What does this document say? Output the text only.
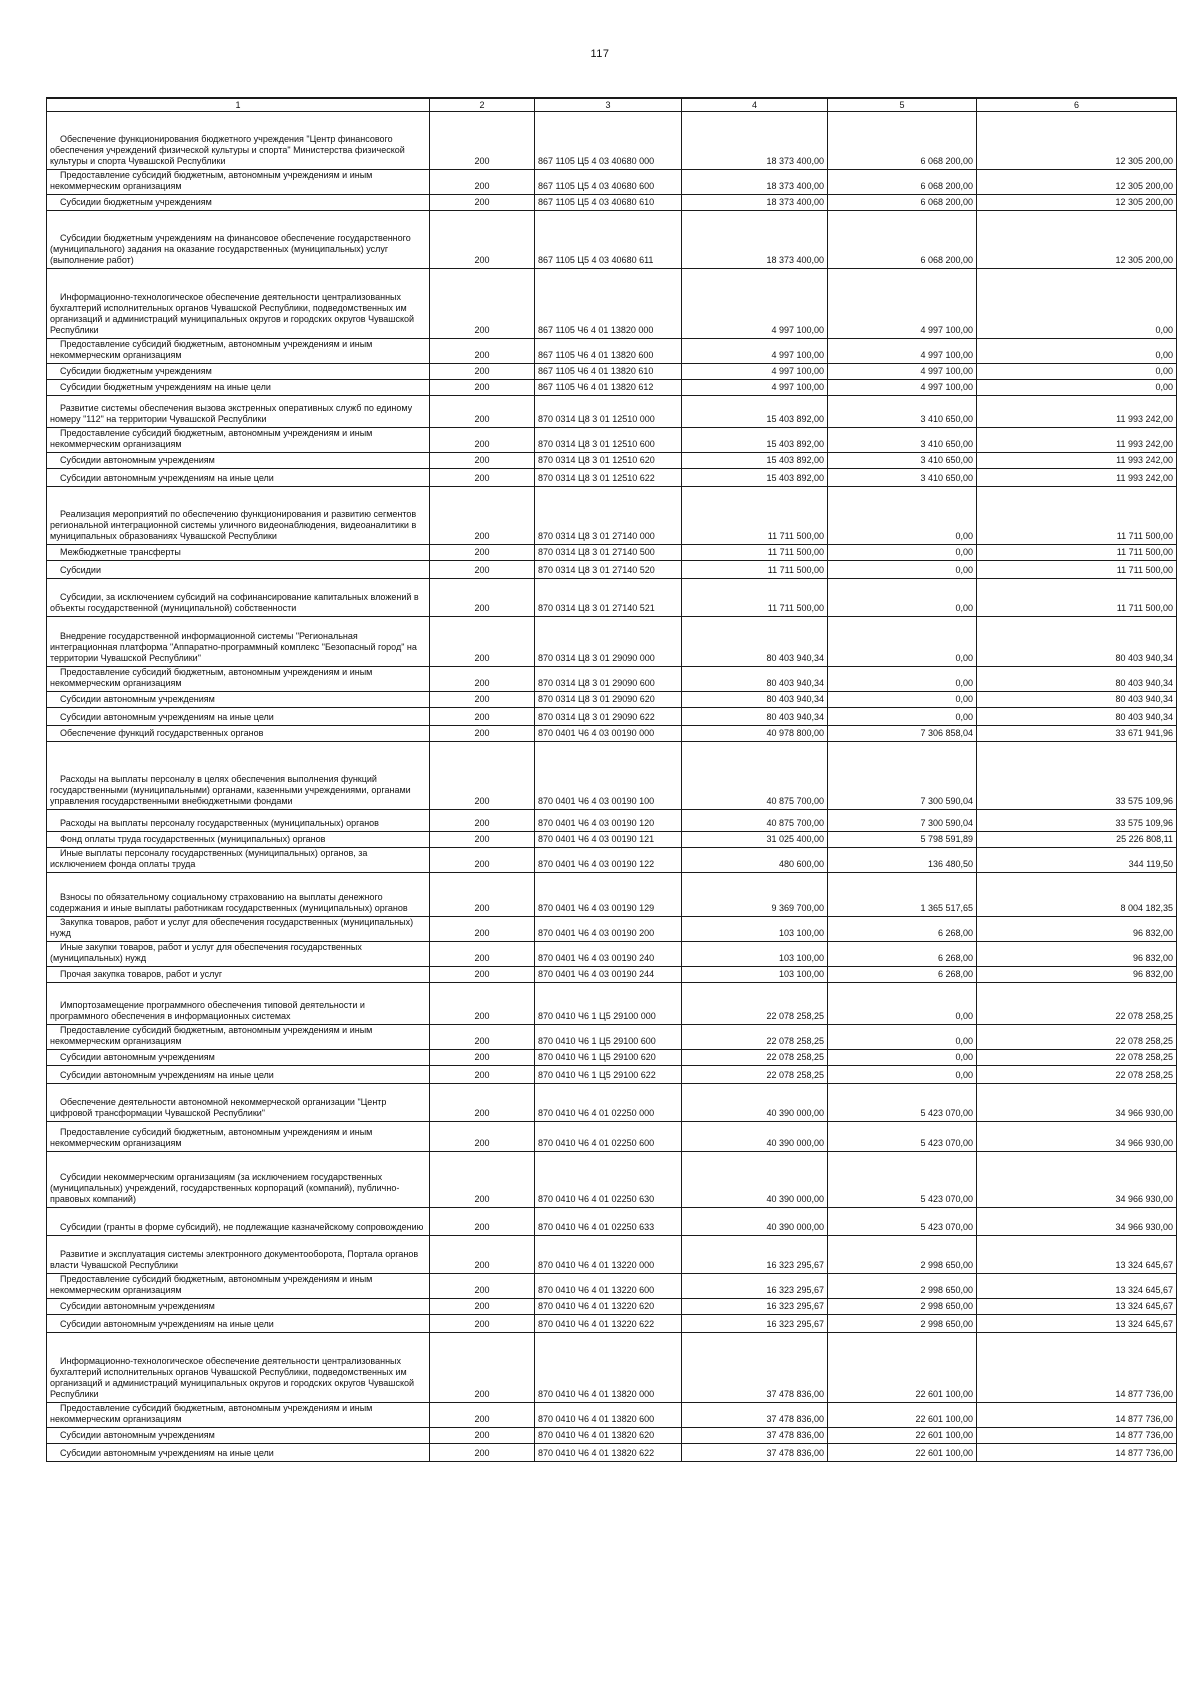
117
1	2	3	4	5	6

Обеспечение функционирования бюджетного учреждения "Центр финансового обеспечения учреждений физической культуры и спорта" Министерства физической культуры и спорта Чувашской Республики	200	867 1105 Ц5 4 03 40680 000	18 373 400,00	6 068 200,00	12 305 200,00

Предоставление субсидий бюджетным, автономным учреждениям и иным некоммерческим организациям	200	867 1105 Ц5 4 03 40680 600	18 373 400,00	6 068 200,00	12 305 200,00

Субсидии бюджетным учреждениям	200	867 1105 Ц5 4 03 40680 610	18 373 400,00	6 068 200,00	12 305 200,00

Субсидии бюджетным учреждениям на финансовое обеспечение государственного (муниципального) задания на оказание государственных (муниципальных) услуг (выполнение работ)	200	867 1105 Ц5 4 03 40680 611	18 373 400,00	6 068 200,00	12 305 200,00

Информационно-технологическое обеспечение деятельности централизованных бухгалтерий исполнительных органов Чувашской Республики, подведомственных им организаций и администраций муниципальных округов и городских округов Чувашской Республики	200	867 1105 Ч6 4 01 13820 000	4 997 100,00	4 997 100,00	0,00

Предоставление субсидий бюджетным, автономным учреждениям и иным некоммерческим организациям	200	867 1105 Ч6 4 01 13820 600	4 997 100,00	4 997 100,00	0,00

Субсидии бюджетным учреждениям	200	867 1105 Ч6 4 01 13820 610	4 997 100,00	4 997 100,00	0,00

Субсидии бюджетным учреждениям на иные цели	200	867 1105 Ч6 4 01 13820 612	4 997 100,00	4 997 100,00	0,00

Развитие системы обеспечения вызова экстренных оперативных служб по единому номеру "112" на территории Чувашской Республики	200	870 0314 Ц8 3 01 12510 000	15 403 892,00	3 410 650,00	11 993 242,00

Предоставление субсидий бюджетным, автономным учреждениям и иным некоммерческим организациям	200	870 0314 Ц8 3 01 12510 600	15 403 892,00	3 410 650,00	11 993 242,00

Субсидии автономным учреждениям	200	870 0314 Ц8 3 01 12510 620	15 403 892,00	3 410 650,00	11 993 242,00

Субсидии автономным учреждениям на иные цели	200	870 0314 Ц8 3 01 12510 622	15 403 892,00	3 410 650,00	11 993 242,00

Реализация мероприятий по обеспечению функционирования и развитию сегментов региональной интеграционной системы уличного видеонаблюдения, видеоаналитики в муниципальных образованиях Чувашской Республики	200	870 0314 Ц8 3 01 27140 000	11 711 500,00	0,00	11 711 500,00

Межбюджетные трансферты	200	870 0314 Ц8 3 01 27140 500	11 711 500,00	0,00	11 711 500,00

Субсидии	200	870 0314 Ц8 3 01 27140 520	11 711 500,00	0,00	11 711 500,00

Субсидии, за исключением субсидий на софинансирование капитальных вложений в объекты государственной (муниципальной) собственности	200	870 0314 Ц8 3 01 27140 521	11 711 500,00	0,00	11 711 500,00

Внедрение государственной информационной системы "Региональная интеграционная платформа "Аппаратно-программный комплекс "Безопасный город" на территории Чувашской Республики"	200	870 0314 Ц8 3 01 29090 000	80 403 940,34	0,00	80 403 940,34

Предоставление субсидий бюджетным, автономным учреждениям и иным некоммерческим организациям	200	870 0314 Ц8 3 01 29090 600	80 403 940,34	0,00	80 403 940,34

Субсидии автономным учреждениям	200	870 0314 Ц8 3 01 29090 620	80 403 940,34	0,00	80 403 940,34

Субсидии автономным учреждениям на иные цели	200	870 0314 Ц8 3 01 29090 622	80 403 940,34	0,00	80 403 940,34

Обеспечение функций государственных органов	200	870 0401 Ч6 4 03 00190 000	40 978 800,00	7 306 858,04	33 671 941,96

Расходы на выплаты персоналу в целях обеспечения выполнения функций государственными (муниципальными) органами, казенными учреждениями, органами управления государственными внебюджетными фондами	200	870 0401 Ч6 4 03 00190 100	40 875 700,00	7 300 590,04	33 575 109,96

Расходы на выплаты персоналу государственных (муниципальных) органов	200	870 0401 Ч6 4 03 00190 120	40 875 700,00	7 300 590,04	33 575 109,96

Фонд оплаты труда государственных (муниципальных) органов	200	870 0401 Ч6 4 03 00190 121	31 025 400,00	5 798 591,89	25 226 808,11

Иные выплаты персоналу государственных (муниципальных) органов, за исключением фонда оплаты труда	200	870 0401 Ч6 4 03 00190 122	480 600,00	136 480,50	344 119,50

Взносы по обязательному социальному страхованию на выплаты денежного содержания и иные выплаты работникам государственных (муниципальных) органов	200	870 0401 Ч6 4 03 00190 129	9 369 700,00	1 365 517,65	8 004 182,35

Закупка товаров, работ и услуг для обеспечения государственных (муниципальных) нужд	200	870 0401 Ч6 4 03 00190 200	103 100,00	6 268,00	96 832,00

Иные закупки товаров, работ и услуг для обеспечения государственных (муниципальных) нужд	200	870 0401 Ч6 4 03 00190 240	103 100,00	6 268,00	96 832,00

Прочая закупка товаров, работ и услуг	200	870 0401 Ч6 4 03 00190 244	103 100,00	6 268,00	96 832,00

Импортозамещение программного обеспечения типовой деятельности и программного обеспечения в информационных системах	200	870 0410 Ч6 1 Ц5 29100 000	22 078 258,25	0,00	22 078 258,25

Предоставление субсидий бюджетным, автономным учреждениям и иным некоммерческим организациям	200	870 0410 Ч6 1 Ц5 29100 600	22 078 258,25	0,00	22 078 258,25

Субсидии автономным учреждениям	200	870 0410 Ч6 1 Ц5 29100 620	22 078 258,25	0,00	22 078 258,25

Субсидии автономным учреждениям на иные цели	200	870 0410 Ч6 1 Ц5 29100 622	22 078 258,25	0,00	22 078 258,25

Обеспечение деятельности автономной некоммерческой организации "Центр цифровой трансформации Чувашской Республики"	200	870 0410 Ч6 4 01 02250 000	40 390 000,00	5 423 070,00	34 966 930,00

Предоставление субсидий бюджетным, автономным учреждениям и иным некоммерческим организациям	200	870 0410 Ч6 4 01 02250 600	40 390 000,00	5 423 070,00	34 966 930,00

Субсидии некоммерческим организациям (за исключением государственных (муниципальных) учреждений, государственных корпораций (компаний), публично-правовых компаний)	200	870 0410 Ч6 4 01 02250 630	40 390 000,00	5 423 070,00	34 966 930,00

Субсидии (гранты в форме субсидий), не подлежащие казначейскому сопровождению	200	870 0410 Ч6 4 01 02250 633	40 390 000,00	5 423 070,00	34 966 930,00

Развитие и эксплуатация системы электронного документооборота, Портала органов власти Чувашской Республики	200	870 0410 Ч6 4 01 13220 000	16 323 295,67	2 998 650,00	13 324 645,67

Предоставление субсидий бюджетным, автономным учреждениям и иным некоммерческим организациям	200	870 0410 Ч6 4 01 13220 600	16 323 295,67	2 998 650,00	13 324 645,67

Субсидии автономным учреждениям	200	870 0410 Ч6 4 01 13220 620	16 323 295,67	2 998 650,00	13 324 645,67

Субсидии автономным учреждениям на иные цели	200	870 0410 Ч6 4 01 13220 622	16 323 295,67	2 998 650,00	13 324 645,67

Информационно-технологическое обеспечение деятельности централизованных бухгалтерий исполнительных органов Чувашской Республики, подведомственных им организаций и администраций муниципальных округов и городских округов Чувашской Республики	200	870 0410 Ч6 4 01 13820 000	37 478 836,00	22 601 100,00	14 877 736,00

Предоставление субсидий бюджетным, автономным учреждениям и иным некоммерческим организациям	200	870 0410 Ч6 4 01 13820 600	37 478 836,00	22 601 100,00	14 877 736,00

Субсидии автономным учреждениям	200	870 0410 Ч6 4 01 13820 620	37 478 836,00	22 601 100,00	14 877 736,00

Субсидии автономным учреждениям на иные цели	200	870 0410 Ч6 4 01 13820 622	37 478 836,00	22 601 100,00	14 877 736,00
